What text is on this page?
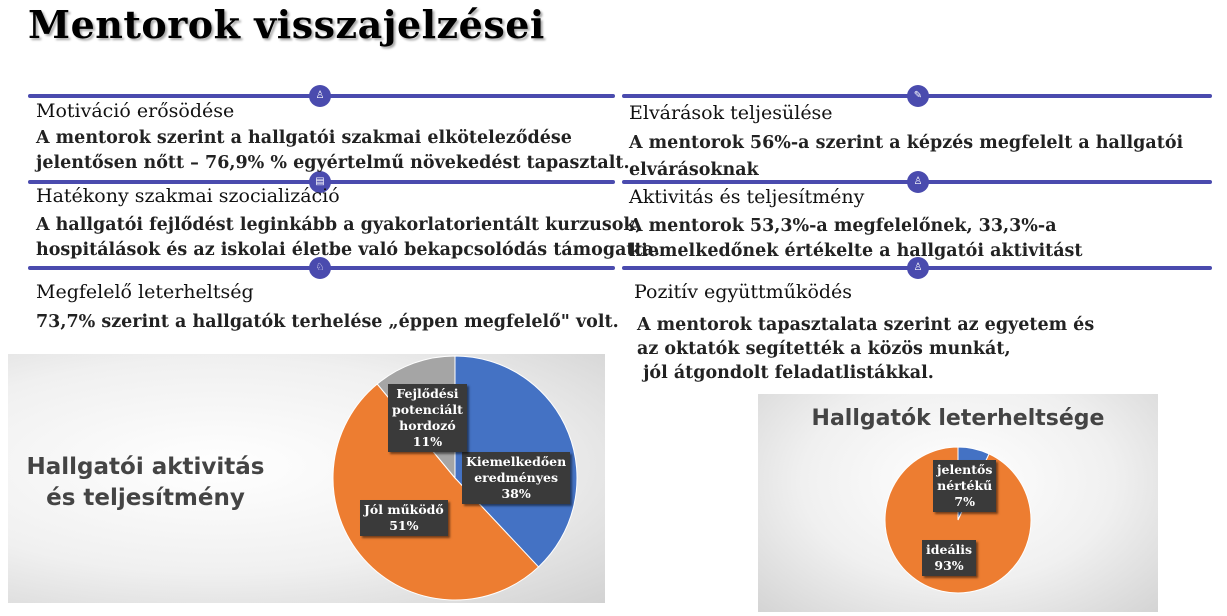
Mentorok visszajelzései
♙	✎
▤	♙
♘	♙
Motiváció erősödése
A mentorok szerint a hallgatói szakmai elköteleződése
jelentősen nőtt – 76,9% % egyértelmű növekedést tapasztalt.
Elvárások teljesülése
A mentorok 56%-a szerint a képzés megfelelt a hallgatói
elvárásoknak
Hatékony szakmai szocializáció
A hallgatói fejlődést leginkább a gyakorlatorientált kurzusok,
hospitálások és az iskolai életbe való bekapcsolódás támogatta.
Aktivitás és teljesítmény
A mentorok 53,3%-a megfelelőnek, 33,3%-a
kiemelkedőnek értékelte a hallgatói aktivitást
Megfelelő leterheltség
73,7% szerint a hallgatók terhelése „éppen megfelelő" volt.
Pozitív együttműködés
A mentorok tapasztalata szerint az egyetem és
az oktatók segítették a közös munkát,
jól átgondolt feladatlistákkal.
Hallgatói aktivitás
és teljesítmény
Kiemelkedően
eredményes
38%
Jól működő
51%
Fejlődési
potenciált
hordozó
11%
Hallgatók leterheltsége
jelentős
nértékű
7%
ideális
93%
